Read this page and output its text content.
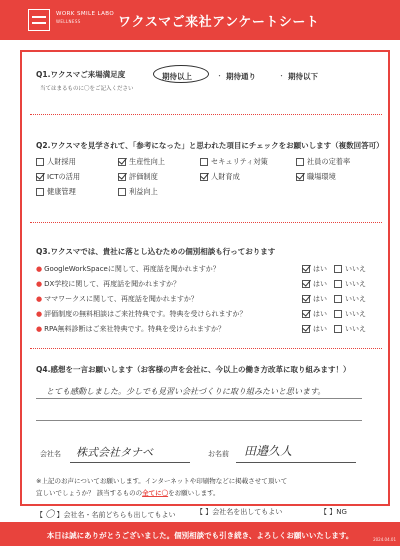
WORK SMILE LABO
WELLNESS	ワクスマご来社アンケートシート
Q1.ワクスマご来場満足度
当てはまるものに〇をご記入ください
期待以上	・ 期待通り	・ 期待以下
Q2.ワクスマを見学されて、「参考になった」と思われた項目にチェックをお願いします（複数回答可）
人財採用	生産性向上	セキュリティ対策	社員の定着率
ICTの活用	評価制度	人財育成	職場環境
健康管理	利益向上
Q3.ワクスマでは、貴社に落とし込むための個別相談も行っております
● GoogleWorkSpaceに関して、再度話を聞かれますか？	はい	いいえ
● DX学校に関して、再度話を聞かれますか？	はい	いいえ
● ママワークスに関して、再度話を聞かれますか？	はい	いいえ
● 評価制度の無料相談はご来社特典です。特典を受けられますか？	はい	いいえ
● RPA無料診断はご来社特典です。特典を受けられますか？	はい	いいえ
Q4.感想を一言お願いします（お客様の声を会社に、今以上の働き方改革に取り組みます！）
とても感動しました。少しでも見習い会社づくりに取り組みたいと思います。
会社名 株式会社タナベ	お名前 田邉久人
※上記のお声についてお願いします。インターネットや印刷物などに掲載させて頂いて
宜しいでしょうか？ 該当するものの全てに〇をお願いします。
【 〇 】会社名・名前どちらも出してもよい	【 】会社名を出してもよい	【 】NG
本日は誠にありがとうございました。個別相談でも引き続き、よろしくお願いいたします。	2024.04.01
